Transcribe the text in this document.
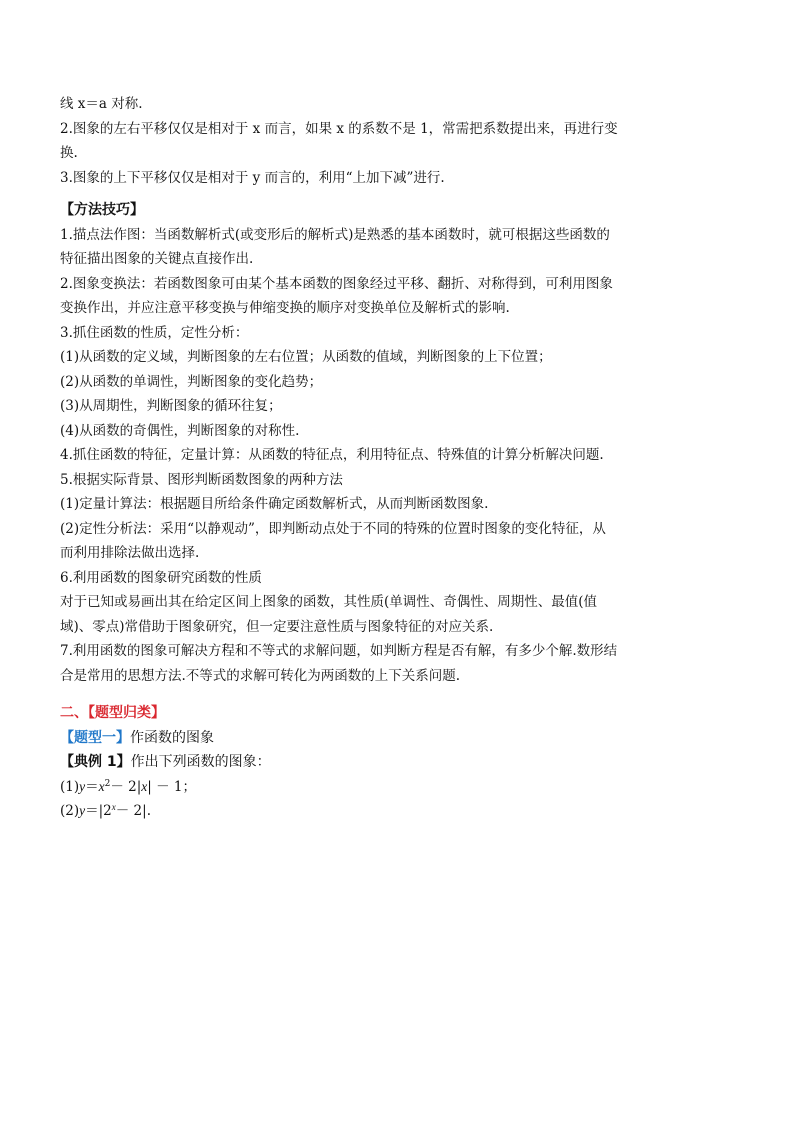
线 x＝a 对称.

2.图象的左右平移仅仅是相对于 x 而言，如果 x 的系数不是 1，常需把系数提出来，再进行变

换.

3.图象的上下平移仅仅是相对于 y 而言的，利用“上加下减”进行.

【方法技巧】

1.描点法作图：当函数解析式(或变形后的解析式)是熟悉的基本函数时，就可根据这些函数的

特征描出图象的关键点直接作出.

2.图象变换法：若函数图象可由某个基本函数的图象经过平移、翻折、对称得到，可利用图象

变换作出，并应注意平移变换与伸缩变换的顺序对变换单位及解析式的影响.

3.抓住函数的性质，定性分析：

(1)从函数的定义域，判断图象的左右位置；从函数的值域，判断图象的上下位置；

(2)从函数的单调性，判断图象的变化趋势；

(3)从周期性，判断图象的循环往复；

(4)从函数的奇偶性，判断图象的对称性.

4.抓住函数的特征，定量计算：从函数的特征点，利用特征点、特殊值的计算分析解决问题.

5.根据实际背景、图形判断函数图象的两种方法

(1)定量计算法：根据题目所给条件确定函数解析式，从而判断函数图象.

(2)定性分析法：采用“以静观动”，即判断动点处于不同的特殊的位置时图象的变化特征，从

而利用排除法做出选择.

6.利用函数的图象研究函数的性质

对于已知或易画出其在给定区间上图象的函数，其性质(单调性、奇偶性、周期性、最值(值

域)、零点)常借助于图象研究，但一定要注意性质与图象特征的对应关系.

7.利用函数的图象可解决方程和不等式的求解问题，如判断方程是否有解，有多少个解.数形结

合是常用的思想方法.不等式的求解可转化为两函数的上下关系问题.

二、【题型归类】

【题型一】作函数的图象

【典例 1】作出下列函数的图象：

$(1)y=x^2- 2|x| - 1$；

$(2)y=|2^x- 2|$.
